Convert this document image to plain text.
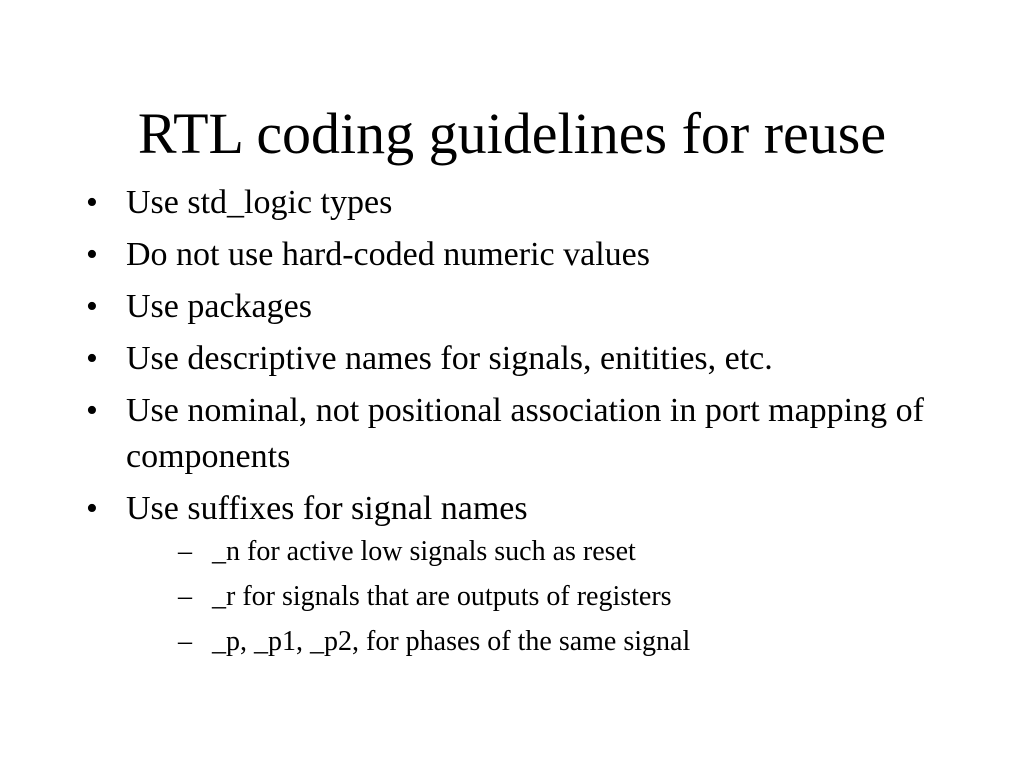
RTL coding guidelines for reuse
• Use std_logic types
• Do not use hard-coded numeric values
• Use packages
• Use descriptive names for signals, enitities, etc.
• Use nominal, not positional association in port mapping of components
• Use suffixes for signal names
– _n for active low signals such as reset
– _r for signals that are outputs of registers
– _p, _p1, _p2, for phases of the same signal
